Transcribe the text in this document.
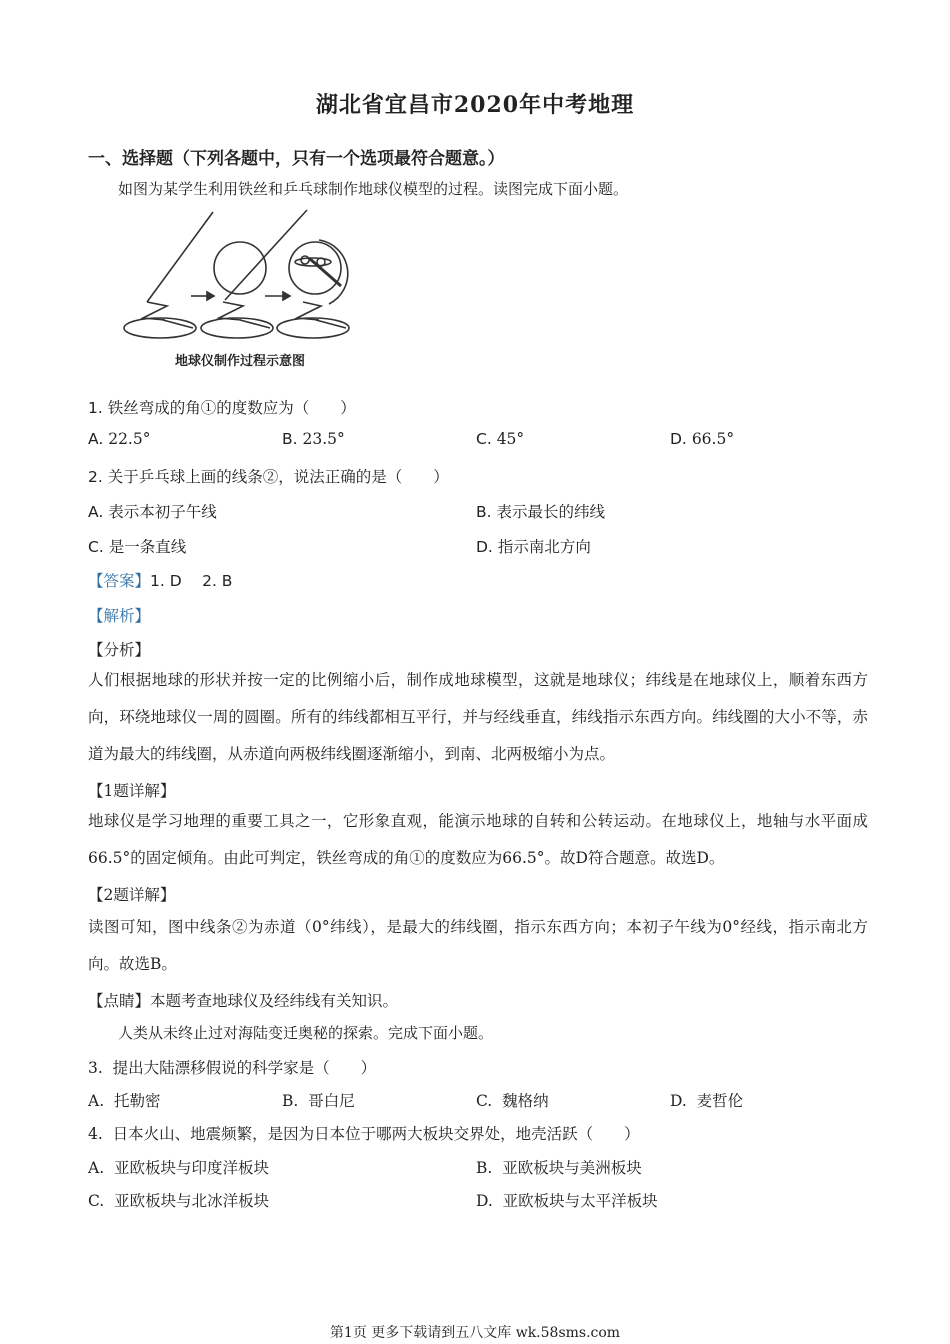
湖北省宜昌市2020年中考地理
一、选择题（下列各题中，只有一个选项最符合题意。）
如图为某学生利用铁丝和乒乓球制作地球仪模型的过程。读图完成下面小题。
地球仪制作过程示意图
1. 铁丝弯成的角①的度数应为（　　）
A. 22.5°	B. 23.5°	C. 45°	D. 66.5°
2. 关于乒乓球上画的线条②，说法正确的是（　　）
A. 表示本初子午线	B. 表示最长的纬线
C. 是一条直线	D. 指示南北方向
【答案】1. D　 2. B
【解析】
【分析】
人们根据地球的形状并按一定的比例缩小后，制作成地球模型，这就是地球仪；纬线是在地球仪上，顺着东西方向，环绕地球仪一周的圆圈。所有的纬线都相互平行，并与经线垂直，纬线指示东西方向。纬线圈的大小不等，赤道为最大的纬线圈，从赤道向两极纬线圈逐渐缩小，到南、北两极缩小为点。
【1题详解】
地球仪是学习地理的重要工具之一，它形象直观，能演示地球的自转和公转运动。在地球仪上，地轴与水平面成66.5°的固定倾角。由此可判定，铁丝弯成的角①的度数应为66.5°。故D符合题意。故选D。
【2题详解】
读图可知，图中线条②为赤道（0°纬线），是最大的纬线圈，指示东西方向；本初子午线为0°经线，指示南北方向。故选B。
【点睛】本题考查地球仪及经纬线有关知识。
人类从未终止过对海陆变迁奥秘的探索。完成下面小题。
3. 提出大陆漂移假说的科学家是（　　）
A. 托勒密	B. 哥白尼	C. 魏格纳	D. 麦哲伦
4. 日本火山、地震频繁，是因为日本位于哪两大板块交界处，地壳活跃（　　）
A. 亚欧板块与印度洋板块	B. 亚欧板块与美洲板块
C. 亚欧板块与北冰洋板块	D. 亚欧板块与太平洋板块
第1页 更多下载请到五八文库 wk.58sms.com
